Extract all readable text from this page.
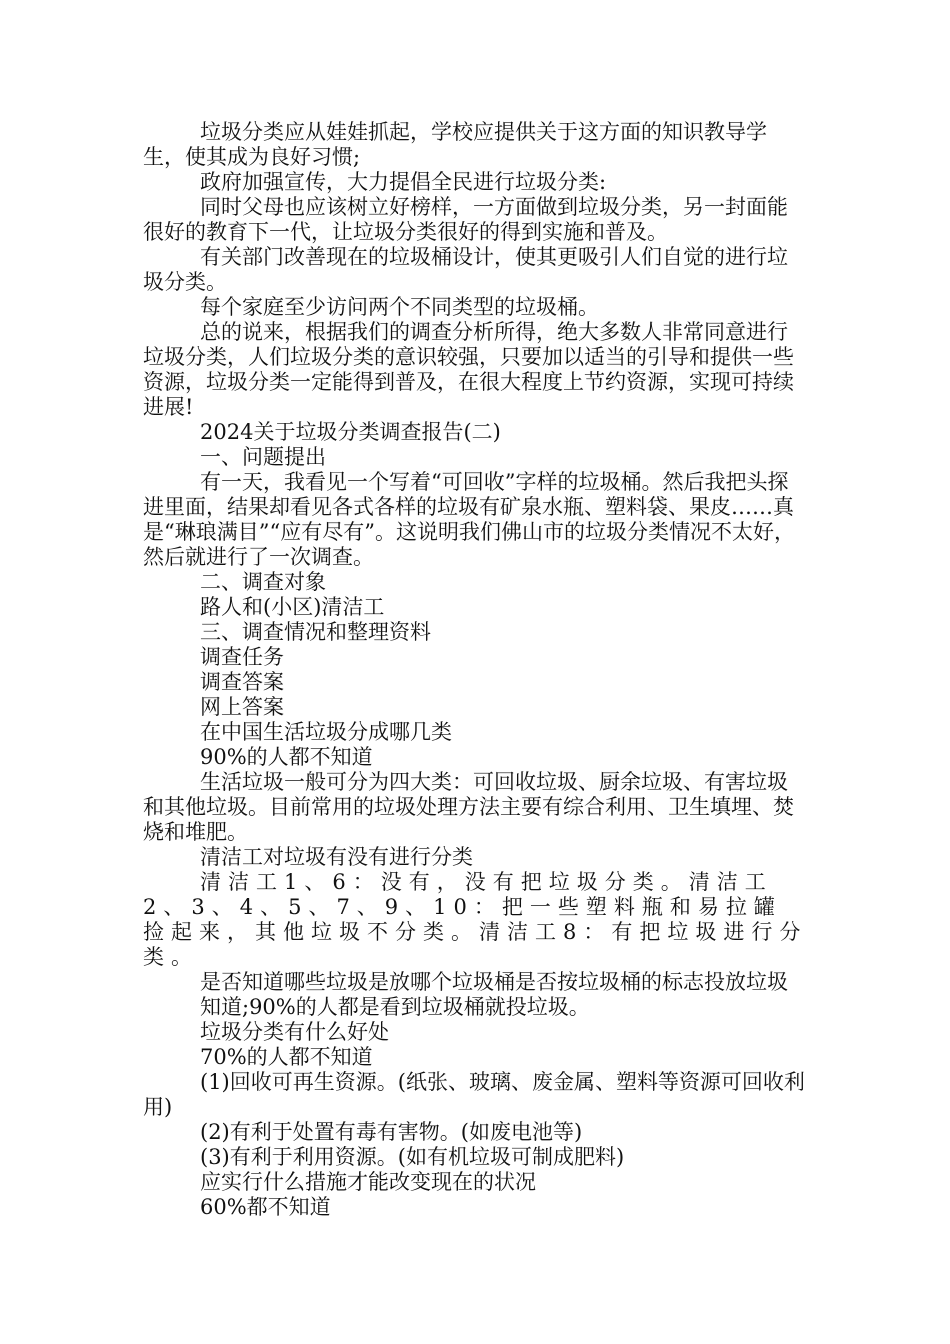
垃圾分类应从娃娃抓起，学校应提供关于这方面的知识教导学生，使其成为良好习惯;

政府加强宣传，大力提倡全民进行垃圾分类:

同时父母也应该树立好榜样，一方面做到垃圾分类，另一封面能很好的教育下一代，让垃圾分类很好的得到实施和普及。

有关部门改善现在的垃圾桶设计，使其更吸引人们自觉的进行垃圾分类。

每个家庭至少访问两个不同类型的垃圾桶。

总的说来，根据我们的调查分析所得，绝大多数人非常同意进行垃圾分类，人们垃圾分类的意识较强，只要加以适当的引导和提供一些资源，垃圾分类一定能得到普及，在很大程度上节约资源，实现可持续进展!

2024关于垃圾分类调查报告(二)

一、问题提出

有一天，我看见一个写着“可回收”字样的垃圾桶。然后我把头探进里面，结果却看见各式各样的垃圾有矿泉水瓶、塑料袋、果皮……真是“琳琅满目”“应有尽有”。这说明我们佛山市的垃圾分类情况不太好，然后就进行了一次调查。

二、调查对象

路人和(小区)清洁工

三、调查情况和整理资料

调查任务

调查答案

网上答案

在中国生活垃圾分成哪几类

90%的人都不知道

生活垃圾一般可分为四大类：可回收垃圾、厨余垃圾、有害垃圾和其他垃圾。目前常用的垃圾处理方法主要有综合利用、卫生填埋、焚烧和堆肥。

清洁工对垃圾有没有进行分类

清洁工1、6：没有，没有把垃圾分类。清洁工2、3、4、5、7、9、10：把一些塑料瓶和易拉罐捡起来，其他垃圾不分类。清洁工8：有把垃圾进行分类。

是否知道哪些垃圾是放哪个垃圾桶是否按垃圾桶的标志投放垃圾

知道;90%的人都是看到垃圾桶就投垃圾。

垃圾分类有什么好处

70%的人都不知道

(1)回收可再生资源。(纸张、玻璃、废金属、塑料等资源可回收利用)

(2)有利于处置有毒有害物。(如废电池等)

(3)有利于利用资源。(如有机垃圾可制成肥料)

应实行什么措施才能改变现在的状况

60%都不知道
